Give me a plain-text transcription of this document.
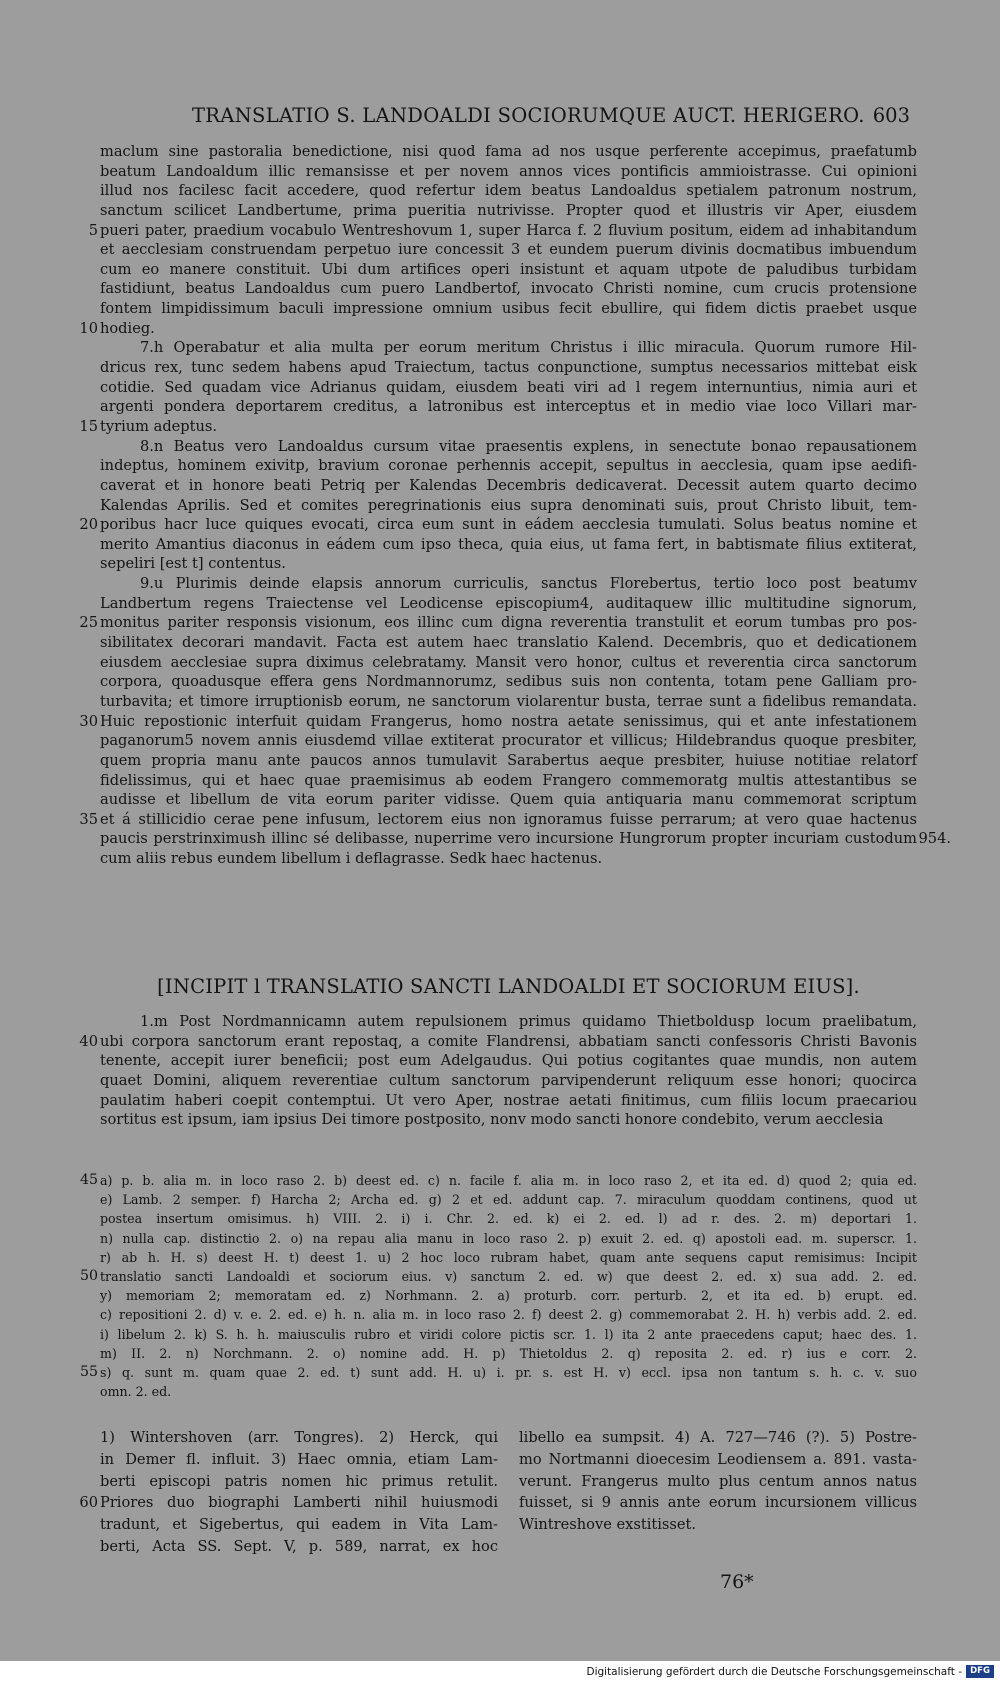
TRANSLATIO S. LANDOALDI SOCIORUMQUE AUCT. HERIGERO. 603
maclum sine pastoralia benedictione, nisi quod fama ad nos usque perferente accepimus, praefatumb
beatum Landoaldum illic remansisse et per novem annos vices pontificis ammioistrasse. Cui opinioni
illud nos facilesc facit accedere, quod refertur idem beatus Landoaldus spetialem patronum nostrum,
sanctum scilicet Landbertume, prima pueritia nutrivisse. Propter quod et illustris vir Aper, eiusdem
pueri pater, praedium vocabulo Wentreshovum 1, super Harca f. 2 fluvium positum, eidem ad inhabitandum
5
et aecclesiam construendam perpetuo iure concessit 3 et eundem puerum divinis docmatibus imbuendum
cum eo manere constituit. Ubi dum artifices operi insistunt et aquam utpote de paludibus turbidam
fastidiunt, beatus Landoaldus cum puero Landbertof, invocato Christi nomine, cum crucis protensione
fontem limpidissimum baculi impressione omnium usibus fecit ebullire, qui fidem dictis praebet usque
hodieg.
10
7.h Operabatur et alia multa per eorum meritum Christus i illic miracula. Quorum rumore Hil-
dricus rex, tunc sedem habens apud Traiectum, tactus conpunctione, sumptus necessarios mittebat eisk
cotidie. Sed quadam vice Adrianus quidam, eiusdem beati viri ad l regem internuntius, nimia auri et
argenti pondera deportarem creditus, a latronibus est interceptus et in medio viae loco Villari mar-
tyrium adeptus.
15
8.n Beatus vero Landoaldus cursum vitae praesentis explens, in senectute bonao repausationem
indeptus, hominem exivitp, bravium coronae perhennis accepit, sepultus in aecclesia, quam ipse aedifi-
caverat et in honore beati Petriq per Kalendas Decembris dedicaverat. Decessit autem quarto decimo
Kalendas Aprilis. Sed et comites peregrinationis eius supra denominati suis, prout Christo libuit, tem-
poribus hacr luce quiques evocati, circa eum sunt in eádem aecclesia tumulati. Solus beatus nomine et
20
merito Amantius diaconus in eádem cum ipso theca, quia eius, ut fama fert, in babtismate filius extiterat,
sepeliri [est t] contentus.
9.u Plurimis deinde elapsis annorum curriculis, sanctus Florebertus, tertio loco post beatumv
Landbertum regens Traiectense vel Leodicense episcopium4, auditaquew illic multitudine signorum,
monitus pariter responsis visionum, eos illinc cum digna reverentia transtulit et eorum tumbas pro pos-
25
sibilitatex decorari mandavit. Facta est autem haec translatio Kalend. Decembris, quo et dedicationem
eiusdem aecclesiae supra diximus celebratamy. Mansit vero honor, cultus et reverentia circa sanctorum
corpora, quoadusque effera gens Nordmannorumz, sedibus suis non contenta, totam pene Galliam pro-
turbavita; et timore irruptionisb eorum, ne sanctorum violarentur busta, terrae sunt a fidelibus remandata.
Huic repostionic interfuit quidam Frangerus, homo nostra aetate senissimus, qui et ante infestationem
30
paganorum5 novem annis eiusdemd villae extiterat procurator et villicus; Hildebrandus quoque presbiter,
quem propria manu ante paucos annos tumulavit Sarabertus aeque presbiter, huiuse notitiae relatorf
fidelissimus, qui et haec quae praemisimus ab eodem Frangero commemoratg multis attestantibus se
audisse et libellum de vita eorum pariter vidisse. Quem quia antiquaria manu commemorat scriptum
et á stillicidio cerae pene infusum, lectorem eius non ignoramus fuisse perrarum; at vero quae hactenus
35
paucis perstrinximush illinc sé delibasse, nuperrime vero incursione Hungrorum propter incuriam custodum 954.
cum aliis rebus eundem libellum i deflagrasse. Sedk haec hactenus.
[INCIPIT l TRANSLATIO SANCTI LANDOALDI ET SOCIORUM EIUS].
1.m Post Nordmannicamn autem repulsionem primus quidamo Thietboldusp locum praelibatum,
ubi corpora sanctorum erant repostaq, a comite Flandrensi, abbatiam sancti confessoris Christi Bavonis
40
tenente, accepit iurer beneficii; post eum Adelgaudus. Qui potius cogitantes quae mundis, non autem
quaet Domini, aliquem reverentiae cultum sanctorum parvipenderunt reliquum esse honori; quocirca
paulatim haberi coepit contemptui. Ut vero Aper, nostrae aetati finitimus, cum filiis locum praecariou
sortitus est ipsum, iam ipsius Dei timore postposito, nonv modo sancti honore condebito, verum aecclesia
a) p. b. alia m. in loco raso 2. b) deest ed. c) n. facile f. alia m. in loco raso 2, et ita ed. d) quod 2; quia ed.
45
e) Lamb. 2 semper. f) Harcha 2; Archa ed. g) 2 et ed. addunt cap. 7. miraculum quoddam continens, quod ut
postea insertum omisimus. h) VIII. 2. i) i. Chr. 2. ed. k) ei 2. ed. l) ad r. des. 2. m) deportari 1.
n) nulla cap. distinctio 2. o) na repau alia manu in loco raso 2. p) exuit 2. ed. q) apostoli ead. m. superscr. 1.
r) ab h. H. s) deest H. t) deest 1. u) 2 hoc loco rubram habet, quam ante sequens caput remisimus: Incipit
translatio sancti Landoaldi et sociorum eius. v) sanctum 2. ed. w) que deest 2. ed. x) sua add. 2. ed.
50
y) memoriam 2; memoratam ed. z) Norhmann. 2. a) proturb. corr. perturb. 2, et ita ed. b) erupt. ed.
c) repositioni 2. d) v. e. 2. ed. e) h. n. alia m. in loco raso 2. f) deest 2. g) commemorabat 2. H. h) verbis add. 2. ed.
i) libelum 2. k) S. h. h. maiusculis rubro et viridi colore pictis scr. 1. l) ita 2 ante praecedens caput; haec des. 1.
m) II. 2. n) Norchmann. 2. o) nomine add. H. p) Thietoldus 2. q) reposita 2. ed. r) ius e corr. 2.
s) q. sunt m. quam quae 2. ed. t) sunt add. H. u) i. pr. s. est H. v) eccl. ipsa non tantum s. h. c. v. suo
55
omn. 2. ed.
1) Wintershoven (arr. Tongres). 2) Herck, qui
in Demer fl. influit. 3) Haec omnia, etiam Lam-
berti episcopi patris nomen hic primus retulit.
Priores duo biographi Lamberti nihil huiusmodi
60
tradunt, et Sigebertus, qui eadem in Vita Lam-
berti, Acta SS. Sept. V, p. 589, narrat, ex hoc
libello ea sumpsit. 4) A. 727—746 (?). 5) Postre-
mo Nortmanni dioecesim Leodiensem a. 891. vasta-
verunt. Frangerus multo plus centum annos natus
fuisset, si 9 annis ante eorum incursionem villicus
Wintreshove exstitisset.
76*
Digitalisierung gefördert durch die Deutsche Forschungsgemeinschaft - DFG
